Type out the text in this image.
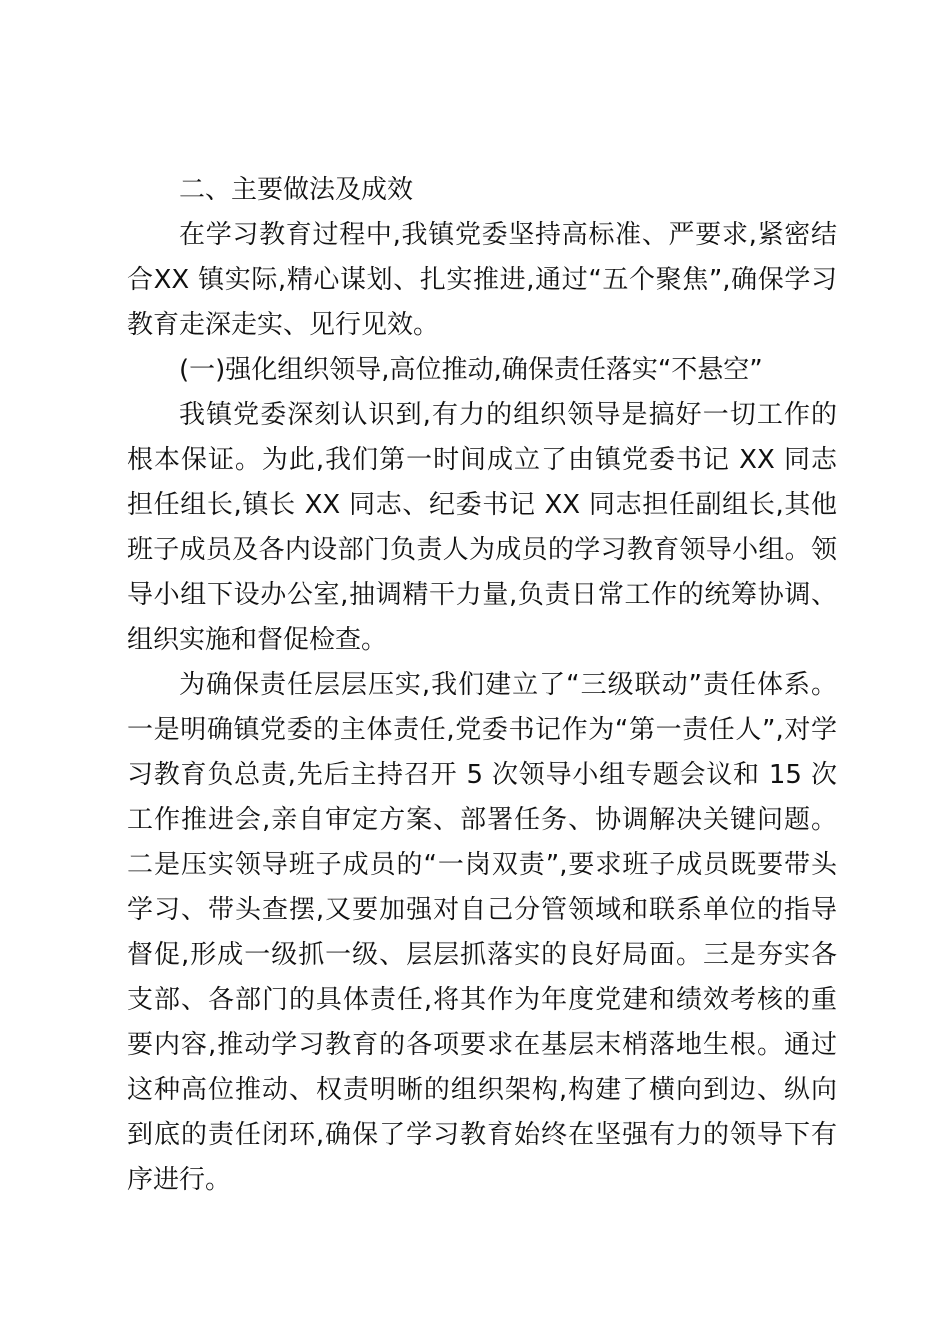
二、主要做法及成效

在学习教育过程中,我镇党委坚持高标准、严要求,紧密结合XX 镇实际,精心谋划、扎实推进,通过“五个聚焦”,确保学习教育走深走实、见行见效。

(一)强化组织领导,高位推动,确保责任落实“不悬空”

我镇党委深刻认识到,有力的组织领导是搞好一切工作的根本保证。为此,我们第一时间成立了由镇党委书记 XX 同志担任组长,镇长 XX 同志、纪委书记 XX 同志担任副组长,其他班子成员及各内设部门负责人为成员的学习教育领导小组。领导小组下设办公室,抽调精干力量,负责日常工作的统筹协调、组织实施和督促检查。

为确保责任层层压实,我们建立了“三级联动”责任体系。一是明确镇党委的主体责任,党委书记作为“第一责任人”,对学习教育负总责,先后主持召开 5 次领导小组专题会议和 15 次工作推进会,亲自审定方案、部署任务、协调解决关键问题。二是压实领导班子成员的“一岗双责”,要求班子成员既要带头学习、带头查摆,又要加强对自己分管领域和联系单位的指导督促,形成一级抓一级、层层抓落实的良好局面。三是夯实各支部、各部门的具体责任,将其作为年度党建和绩效考核的重要内容,推动学习教育的各项要求在基层末梢落地生根。通过这种高位推动、权责明晰的组织架构,构建了横向到边、纵向到底的责任闭环,确保了学习教育始终在坚强有力的领导下有序进行。
